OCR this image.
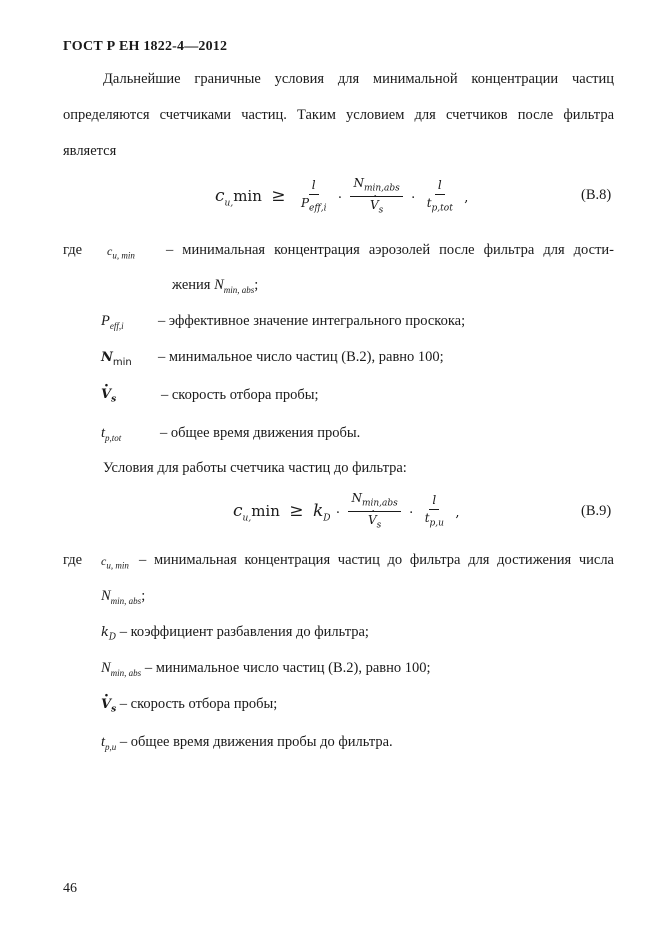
ГОСТ Р ЕН 1822-4—2012
Дальнейшие граничные условия для минимальной концентрации частиц
определяются счетчиками частиц. Таким условием для счетчиков после фильтра
является
$c_{u,}\min \ge \frac{l}{P_{eff,i}} \cdot N_{min,abs}$
· $V_s \cdot \frac{l}{t_{p,tot}}$ ,	(В.8)
где $c_{u, min}$ – минимальная концентрация аэрозолей после фильтра для дости-
жения $N_{min, abs}$;
$P_{eff,i}$ – эффективное значение интегрального проскока;
$N_{min}$ – минимальное число частиц (В.2), равно 100;
· $V_s$	– скорость отбора пробы;
$t_{p,tot}$	– общее время движения пробы.
Условия для работы счетчика частиц до фильтра:
$c_{u,}\min \ge k_D \cdot N_{min,abs}$
· $V_s \cdot \frac{l}{t_{p,u}}$ ,	(В.9)
где $c_{u, min}$ – минимальная концентрация частиц до фильтра для достижения числа
$N_{min, abs}$;
$k_D$ – коэффициент разбавления до фильтра;
$N_{min, abs}$ – минимальное число частиц (В.2), равно 100;
· $V_s$ – скорость отбора пробы;
$t_{p,u}$ – общее время движения пробы до фильтра.
46
